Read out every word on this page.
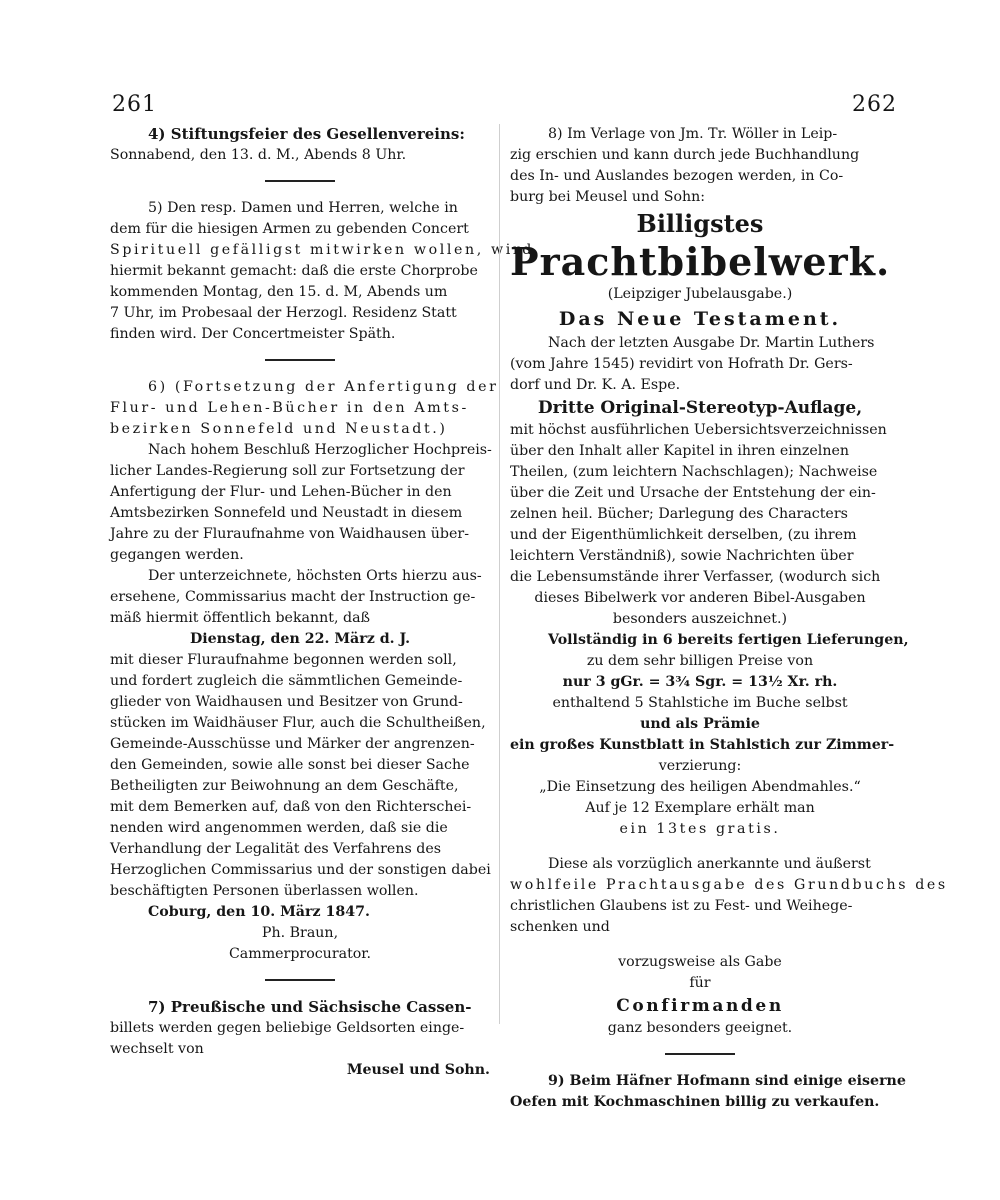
261	262
4) Stiftungsfeier des Gesellenvereins:
Sonnabend, den 13. d. M., Abends 8 Uhr.
5) Den resp. Damen und Herren, welche in
dem für die hiesigen Armen zu gebenden Concert
Spirituell gefälligst mitwirken wollen, wird
hiermit bekannt gemacht: daß die erste Chorprobe
kommenden Montag, den 15. d. M, Abends um
7 Uhr, im Probesaal der Herzogl. Residenz Statt
finden wird. Der Concertmeister Späth.
6) (Fortsetzung der Anfertigung der
Flur- und Lehen-Bücher in den Amts-
bezirken Sonnefeld und Neustadt.)
Nach hohem Beschluß Herzoglicher Hochpreis-
licher Landes-Regierung soll zur Fortsetzung der
Anfertigung der Flur- und Lehen-Bücher in den
Amtsbezirken Sonnefeld und Neustadt in diesem
Jahre zu der Fluraufnahme von Waidhausen über-
gegangen werden.
Der unterzeichnete, höchsten Orts hierzu aus-
ersehene, Commissarius macht der Instruction ge-
mäß hiermit öffentlich bekannt, daß
Dienstag, den 22. März d. J.
mit dieser Fluraufnahme begonnen werden soll,
und fordert zugleich die sämmtlichen Gemeinde-
glieder von Waidhausen und Besitzer von Grund-
stücken im Waidhäuser Flur, auch die Schultheißen,
Gemeinde-Ausschüsse und Märker der angrenzen-
den Gemeinden, sowie alle sonst bei dieser Sache
Betheiligten zur Beiwohnung an dem Geschäfte,
mit dem Bemerken auf, daß von den Richterschei-
nenden wird angenommen werden, daß sie die
Verhandlung der Legalität des Verfahrens des
Herzoglichen Commissarius und der sonstigen dabei
beschäftigten Personen überlassen wollen.
Coburg, den 10. März 1847.
Ph. Braun,
Cammerprocurator.
7) Preußische und Sächsische Cassen-
billets werden gegen beliebige Geldsorten einge-
wechselt von
Meusel und Sohn.
8) Im Verlage von Jm. Tr. Wöller in Leip-
zig erschien und kann durch jede Buchhandlung
des In- und Auslandes bezogen werden, in Co-
burg bei Meusel und Sohn:
Billigstes
Prachtbibelwerk.
(Leipziger Jubelausgabe.)
Das Neue Testament.
Nach der letzten Ausgabe Dr. Martin Luthers
(vom Jahre 1545) revidirt von Hofrath Dr. Gers-
dorf und Dr. K. A. Espe.
Dritte Original-Stereotyp-Auflage,
mit höchst ausführlichen Uebersichtsverzeichnissen
über den Inhalt aller Kapitel in ihren einzelnen
Theilen, (zum leichtern Nachschlagen); Nachweise
über die Zeit und Ursache der Entstehung der ein-
zelnen heil. Bücher; Darlegung des Characters
und der Eigenthümlichkeit derselben, (zu ihrem
leichtern Verständniß), sowie Nachrichten über
die Lebensumstände ihrer Verfasser, (wodurch sich
dieses Bibelwerk vor anderen Bibel-Ausgaben
besonders auszeichnet.)
Vollständig in 6 bereits fertigen Lieferungen,
zu dem sehr billigen Preise von
nur 3 gGr. = 3¾ Sgr. = 13½ Xr. rh.
enthaltend 5 Stahlstiche im Buche selbst
und als Prämie
ein großes Kunstblatt in Stahlstich zur Zimmer-
verzierung:
„Die Einsetzung des heiligen Abendmahles.“
Auf je 12 Exemplare erhält man
ein 13tes gratis.
Diese als vorzüglich anerkannte und äußerst
wohlfeile Prachtausgabe des Grundbuchs des
christlichen Glaubens ist zu Fest- und Weihege-
schenken und
vorzugsweise als Gabe
für
Confirmanden
ganz besonders geeignet.
9) Beim Häfner Hofmann sind einige eiserne
Oefen mit Kochmaschinen billig zu verkaufen.
